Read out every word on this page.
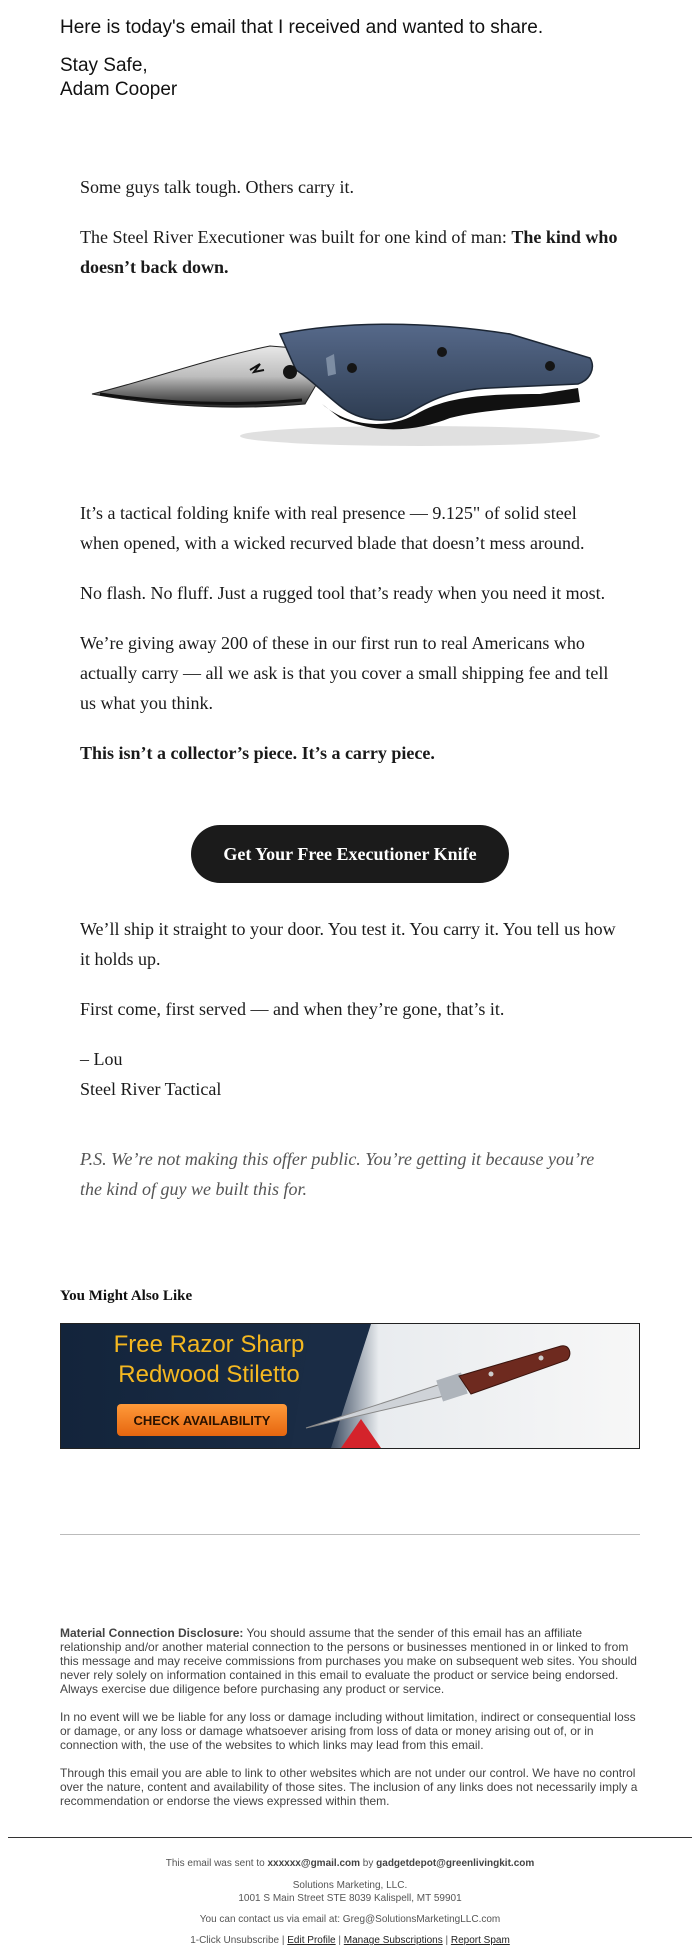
Here is today's email that I received and wanted to share.

Stay Safe,
Adam Cooper

Some guys talk tough. Others carry it.

The Steel River Executioner was built for one kind of man: The kind who doesn’t back down.

It’s a tactical folding knife with real presence — 9.125" of solid steel when opened, with a wicked recurved blade that doesn’t mess around.

No flash. No fluff. Just a rugged tool that’s ready when you need it most.

We’re giving away 200 of these in our first run to real Americans who actually carry — all we ask is that you cover a small shipping fee and tell us what you think.

This isn’t a collector’s piece. It’s a carry piece.

Get Your Free Executioner Knife

We’ll ship it straight to your door. You test it. You carry it. You tell us how it holds up.

First come, first served — and when they’re gone, that’s it.

– Lou

Steel River Tactical

P.S. We’re not making this offer public. You’re getting it because you’re the kind of guy we built this for.

You Might Also Like
Free Razor Sharp
Redwood Stiletto
CHECK AVAILABILITY

Material Connection Disclosure: You should assume that the sender of this email has an affiliate relationship and/or another material connection to the persons or businesses mentioned in or linked to from this message and may receive commissions from purchases you make on subsequent web sites. You should never rely solely on information contained in this email to evaluate the product or service being endorsed. Always exercise due diligence before purchasing any product or service.

In no event will we be liable for any loss or damage including without limitation, indirect or consequential loss or damage, or any loss or damage whatsoever arising from loss of data or money arising out of, or in connection with, the use of the websites to which links may lead from this email.

Through this email you are able to link to other websites which are not under our control. We have no control over the nature, content and availability of those sites. The inclusion of any links does not necessarily imply a recommendation or endorse the views expressed within them.

This email was sent to xxxxxx@gmail.com by gadgetdepot@greenlivingkit.com
Solutions Marketing, LLC.
1001 S Main Street STE 8039 Kalispell, MT 59901
You can contact us via email at: Greg@SolutionsMarketingLLC.com
1-Click Unsubscribe | Edit Profile | Manage Subscriptions | Report Spam
